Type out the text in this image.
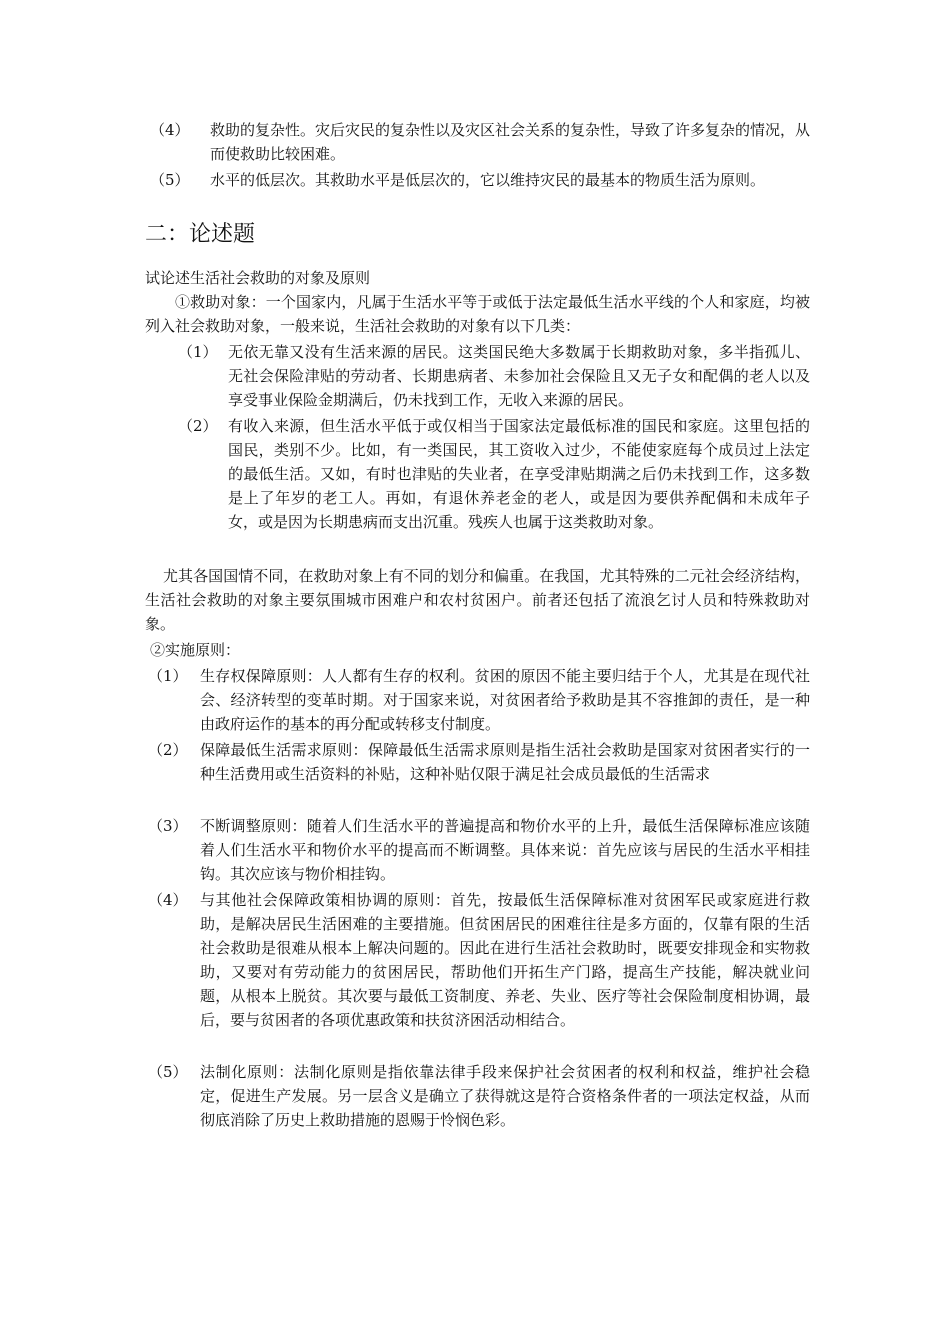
（4） 救助的复杂性。灾后灾民的复杂性以及灾区社会关系的复杂性，导致了许多复杂的情况，从而使救助比较困难。
（5） 水平的低层次。其救助水平是低层次的，它以维持灾民的最基本的物质生活为原则。
二：论述题
试论述生活社会救助的对象及原则
①救助对象：一个国家内，凡属于生活水平等于或低于法定最低生活水平线的个人和家庭，均被列入社会救助对象，一般来说，生活社会救助的对象有以下几类：
（1） 无依无靠又没有生活来源的居民。这类国民绝大多数属于长期救助对象，多半指孤儿、无社会保险津贴的劳动者、长期患病者、未参加社会保险且又无子女和配偶的老人以及享受事业保险金期满后，仍未找到工作，无收入来源的居民。
（2） 有收入来源，但生活水平低于或仅相当于国家法定最低标准的国民和家庭。这里包括的国民，类别不少。比如，有一类国民，其工资收入过少，不能使家庭每个成员过上法定的最低生活。又如，有时也津贴的失业者，在享受津贴期满之后仍未找到工作，这多数是上了年岁的老工人。再如，有退休养老金的老人，或是因为要供养配偶和未成年子女，或是因为长期患病而支出沉重。残疾人也属于这类救助对象。
尤其各国国情不同，在救助对象上有不同的划分和偏重。在我国，尤其特殊的二元社会经济结构，生活社会救助的对象主要氛围城市困难户和农村贫困户。前者还包括了流浪乞讨人员和特殊救助对象。
②实施原则：
（1） 生存权保障原则：人人都有生存的权利。贫困的原因不能主要归结于个人，尤其是在现代社会、经济转型的变革时期。对于国家来说，对贫困者给予救助是其不容推卸的责任，是一种由政府运作的基本的再分配或转移支付制度。
（2） 保障最低生活需求原则：保障最低生活需求原则是指生活社会救助是国家对贫困者实行的一种生活费用或生活资料的补贴，这种补贴仅限于满足社会成员最低的生活需求
（3） 不断调整原则：随着人们生活水平的普遍提高和物价水平的上升，最低生活保障标准应该随着人们生活水平和物价水平的提高而不断调整。具体来说：首先应该与居民的生活水平相挂钩。其次应该与物价相挂钩。
（4） 与其他社会保障政策相协调的原则：首先，按最低生活保障标准对贫困军民或家庭进行救助，是解决居民生活困难的主要措施。但贫困居民的困难往往是多方面的，仅靠有限的生活社会救助是很难从根本上解决问题的。因此在进行生活社会救助时，既要安排现金和实物救助，又要对有劳动能力的贫困居民，帮助他们开拓生产门路，提高生产技能，解决就业问题，从根本上脱贫。其次要与最低工资制度、养老、失业、医疗等社会保险制度相协调，最后，要与贫困者的各项优惠政策和扶贫济困活动相结合。
（5） 法制化原则：法制化原则是指依靠法律手段来保护社会贫困者的权利和权益，维护社会稳定，促进生产发展。另一层含义是确立了获得就这是符合资格条件者的一项法定权益，从而彻底消除了历史上救助措施的恩赐于怜悯色彩。
